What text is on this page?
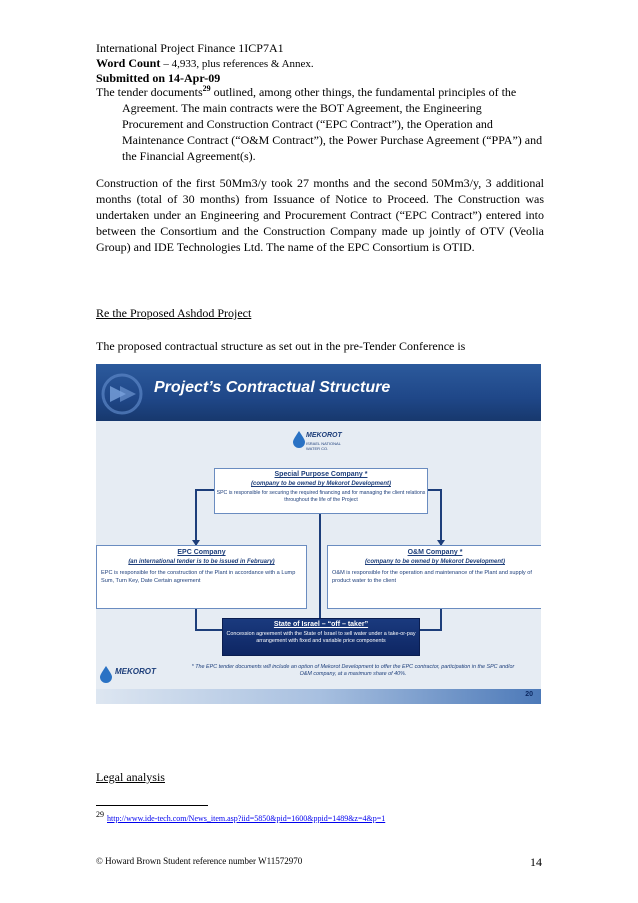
International Project Finance 1ICP7A1
Word Count – 4,933, plus references & Annex.
Submitted on 14-Apr-09
The tender documents$^{29}$ outlined, among other things, the fundamental principles of the Agreement. The main contracts were the BOT Agreement, the Engineering Procurement and Construction Contract (“EPC Contract”), the Operation and Maintenance Contract (“O&M Contract”), the Power Purchase Agreement (“PPA”) and the Financial Agreement(s).
Construction of the first 50Mm3/y took 27 months and the second 50Mm3/y, 3 additional months (total of 30 months) from Issuance of Notice to Proceed. The Construction was undertaken under an Engineering and Procurement Contract (“EPC Contract”) entered into between the Consortium and the Construction Company made up jointly of OTV (Veolia Group) and IDE Technologies Ltd. The name of the EPC Consortium is OTID.
Re the Proposed Ashdod Project
The proposed contractual structure as set out in the pre-Tender Conference is
Project’s Contractual Structure
MEKOROT
ISRAEL NATIONAL WATER CO.
Special Purpose Company *
(company to be owned by Mekorot Development)
SPC is responsible for securing the required financing and for managing the client relations throughout the life of the Project
EPC Company
(an international tender is to be issued in February)
EPC is responsible for the construction of the Plant in accordance with a Lump Sum, Turn Key, Date Certain agreement
O&M Company *
(company to be owned by Mekorot Development)
O&M is responsible for the operation and maintenance of the Plant and supply of product water to the client
State of Israel – “off – taker”
Concession agreement with the State of Israel to sell water under a take-or-pay arrangement with fixed and variable price components
MEKOROT	* The EPC tender documents will include an option of Mekorot Development to offer the EPC contractor, participation in the SPC and/or O&M company, at a maximum share of 40%.
20
Legal analysis
$^{29}$ http://www.ide-tech.com/News_item.asp?iid=5850&pid=1600&ppid=1489&z=4&p=1
© Howard Brown Student reference number W11572970	14
